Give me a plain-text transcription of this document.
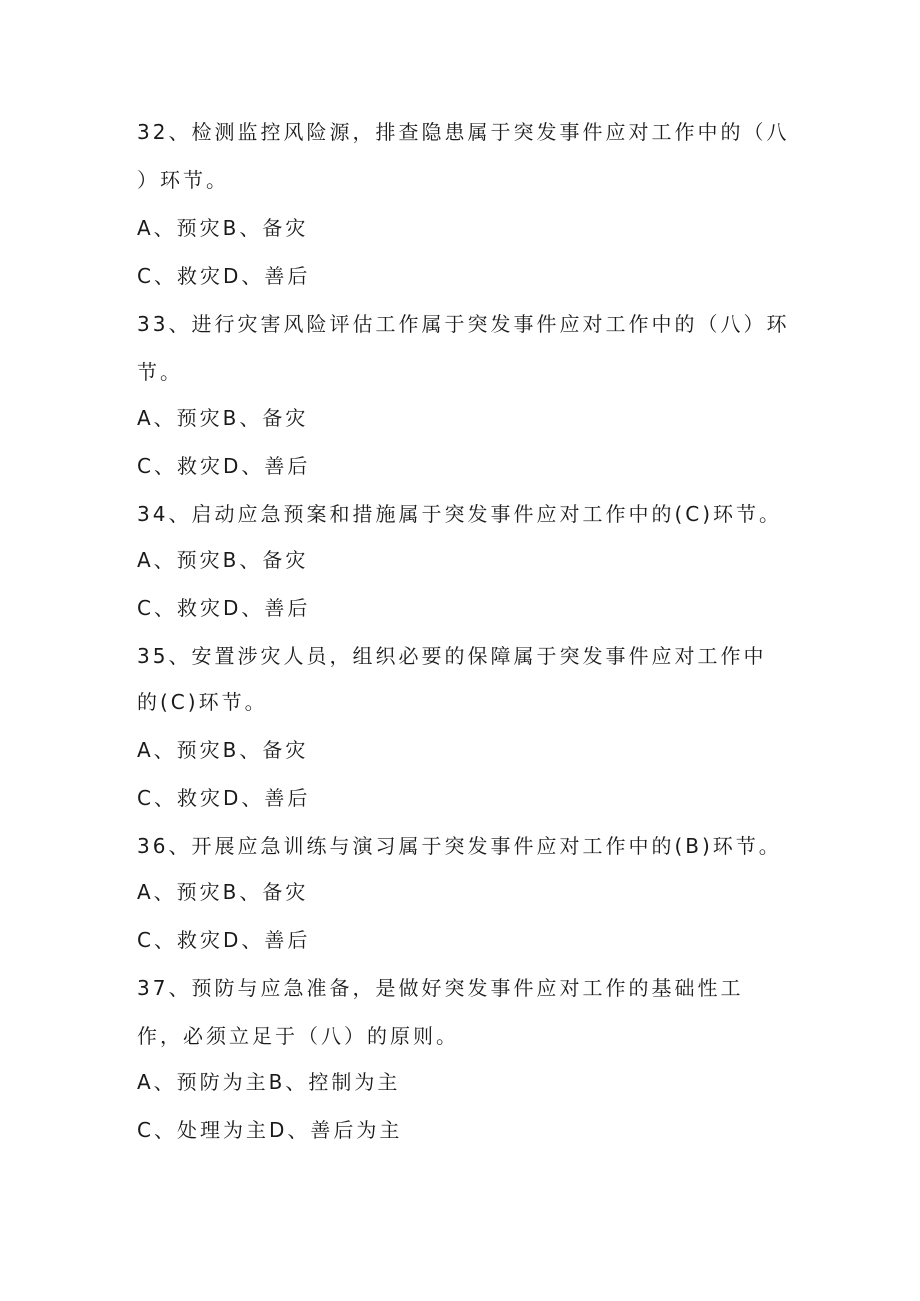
32、检测监控风险源，排查隐患属于突发事件应对工作中的（八
）环节。
A、预灾B、备灾
C、救灾D、善后
33、进行灾害风险评估工作属于突发事件应对工作中的（八）环
节。
A、预灾B、备灾
C、救灾D、善后
34、启动应急预案和措施属于突发事件应对工作中的(C)环节。
A、预灾B、备灾
C、救灾D、善后
35、安置涉灾人员，组织必要的保障属于突发事件应对工作中
的(C)环节。
A、预灾B、备灾
C、救灾D、善后
36、开展应急训练与演习属于突发事件应对工作中的(B)环节。
A、预灾B、备灾
C、救灾D、善后
37、预防与应急准备，是做好突发事件应对工作的基础性工
作，必须立足于（八）的原则。
A、预防为主B、控制为主
C、处理为主D、善后为主
